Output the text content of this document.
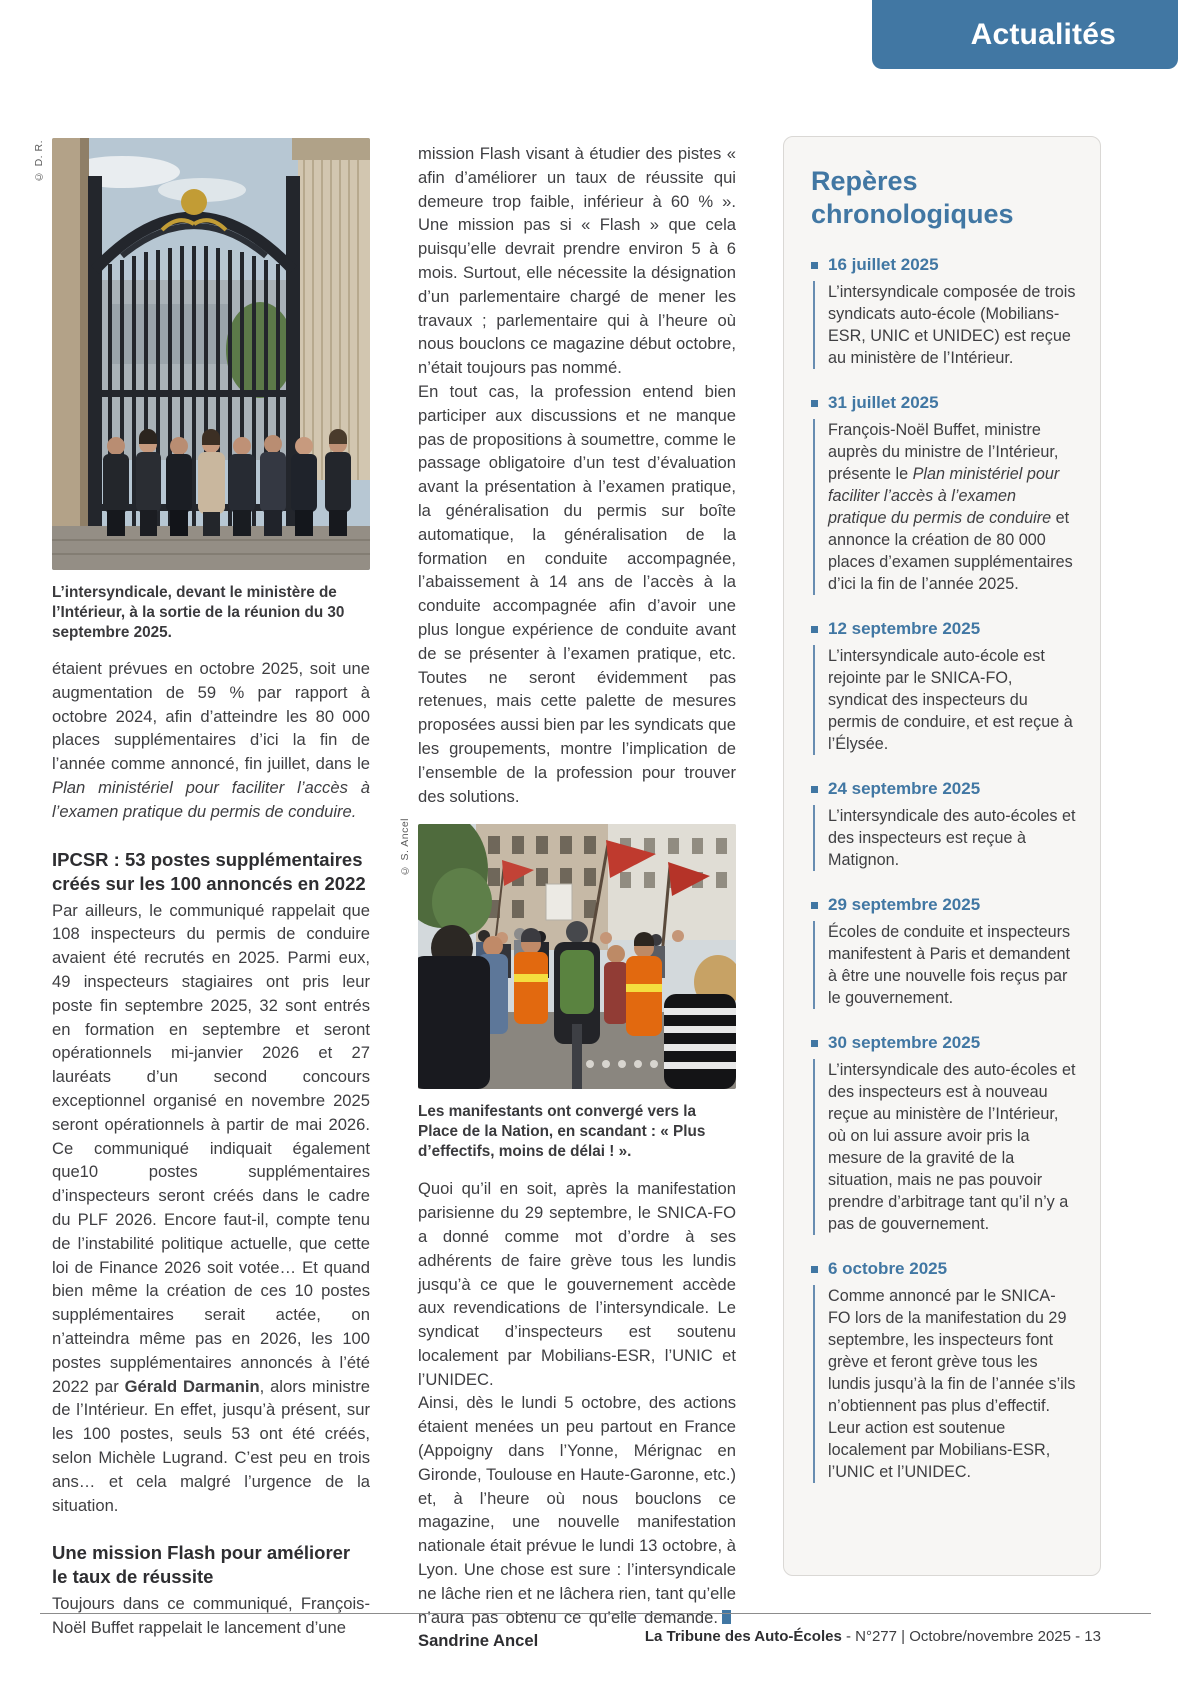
Actualités
© D. R.
© S. Ancel
L’intersyndicale, devant le ministère de l’Intérieur, à la sortie de la réunion du 30 septembre 2025.

étaient prévues en octobre 2025, soit une augmentation de 59 % par rapport à octobre 2024, afin d’atteindre les 80 000 places supplémentaires d’ici la fin de l’année comme annoncé, fin juillet, dans le Plan ministériel pour faciliter l’accès à l’examen pratique du permis de conduire.

IPCSR : 53 postes supplémentaires créés sur les 100 annoncés en 2022

Par ailleurs, le communiqué rappelait que 108 inspecteurs du permis de conduire avaient été recrutés en 2025. Parmi eux, 49 inspecteurs stagiaires ont pris leur poste fin septembre 2025, 32 sont entrés en formation en septembre et seront opérationnels mi-janvier 2026 et 27 lauréats d’un second concours exceptionnel organisé en novembre 2025 seront opérationnels à partir de mai 2026. Ce communiqué indiquait également que10 postes supplémentaires d’inspecteurs seront créés dans le cadre du PLF 2026. Encore faut-il, compte tenu de l’instabilité politique actuelle, que cette loi de Finance 2026 soit votée… Et quand bien même la création de ces 10 postes supplémentaires serait actée, on n’atteindra même pas en 2026, les 100 postes supplémentaires annoncés à l’été 2022 par Gérald Darmanin, alors ministre de l’Intérieur. En effet, jusqu’à présent, sur les 100 postes, seuls 53 ont été créés, selon Michèle Lugrand. C’est peu en trois ans… et cela malgré l’urgence de la situation.

Une mission Flash pour améliorer le taux de réussite

Toujours dans ce communiqué, François-Noël Buffet rappelait le lancement d’une

mission Flash visant à étudier des pistes « afin d’améliorer un taux de réussite qui demeure trop faible, inférieur à 60 % ». Une mission pas si « Flash » que cela puisqu’elle devrait prendre environ 5 à 6 mois. Surtout, elle nécessite la désignation d’un parlementaire chargé de mener les travaux ; parlementaire qui à l’heure où nous bouclons ce magazine début octobre, n’était toujours pas nommé.

En tout cas, la profession entend bien participer aux discussions et ne manque pas de propositions à soumettre, comme le passage obligatoire d’un test d’évaluation avant la présentation à l’examen pratique, la généralisation du permis sur boîte automatique, la généralisation de la formation en conduite accompagnée, l’abaissement à 14 ans de l’accès à la conduite accompagnée afin d’avoir une plus longue expérience de conduite avant de se présenter à l’examen pratique, etc. Toutes ne seront évidemment pas retenues, mais cette palette de mesures proposées aussi bien par les syndicats que les groupements, montre l’implication de l’ensemble de la profession pour trouver des solutions.

Les manifestants ont convergé vers la Place de la Nation, en scandant : « Plus d’effectifs, moins de délai ! ».

Quoi qu’il en soit, après la manifestation parisienne du 29 septembre, le SNICA-FO a donné comme mot d’ordre à ses adhérents de faire grève tous les lundis jusqu’à ce que le gouvernement accède aux revendications de l’intersyndicale. Le syndicat d’inspecteurs est soutenu localement par Mobilians-ESR, l’UNIC et l’UNIDEC.

Ainsi, dès le lundi 5 octobre, des actions étaient menées un peu partout en France (Appoigny dans l’Yonne, Mérignac en Gironde, Toulouse en Haute-Garonne, etc.) et, à l’heure où nous bouclons ce magazine, une nouvelle manifestation nationale était prévue le lundi 13 octobre, à Lyon. Une chose est sure : l’intersyndicale ne lâche rien et ne lâchera rien, tant qu’elle n’aura pas obtenu ce qu’elle demande.Sandrine Ancel

Repères chronologiques
16 juillet 2025
L’intersyndicale composée de trois syndicats auto-école (Mobilians-ESR, UNIC et UNIDEC) est reçue au ministère de l’Intérieur.
31 juillet 2025
François-Noël Buffet, ministre auprès du ministre de l’Intérieur, présente le Plan ministériel pour faciliter l’accès à l’examen pratique du permis de conduire et annonce la création de 80 000 places d’examen supplémentaires d’ici la fin de l’année 2025.
12 septembre 2025
L’intersyndicale auto-école est rejointe par le SNICA-FO, syndicat des inspecteurs du permis de conduire, et est reçue à l’Élysée.
24 septembre 2025
L’intersyndicale des auto-écoles et des inspecteurs est reçue à Matignon.
29 septembre 2025
Écoles de conduite et inspecteurs manifestent à Paris et demandent à être une nouvelle fois reçus par le gouvernement.
30 septembre 2025
L’intersyndicale des auto-écoles et des inspecteurs est à nouveau reçue au ministère de l’Intérieur, où on lui assure avoir pris la mesure de la gravité de la situation, mais ne pas pouvoir prendre d’arbitrage tant qu’il n’y a pas de gouvernement.
6 octobre 2025
Comme annoncé par le SNICA-FO lors de la manifestation du 29 septembre, les inspecteurs font grève et feront grève tous les lundis jusqu’à la fin de l’année s’ils n’obtiennent pas plus d’effectif. Leur action est soutenue localement par Mobilians-ESR, l’UNIC et l’UNIDEC.
La Tribune des Auto-Écoles - N°277 | Octobre/novembre 2025 - 13
